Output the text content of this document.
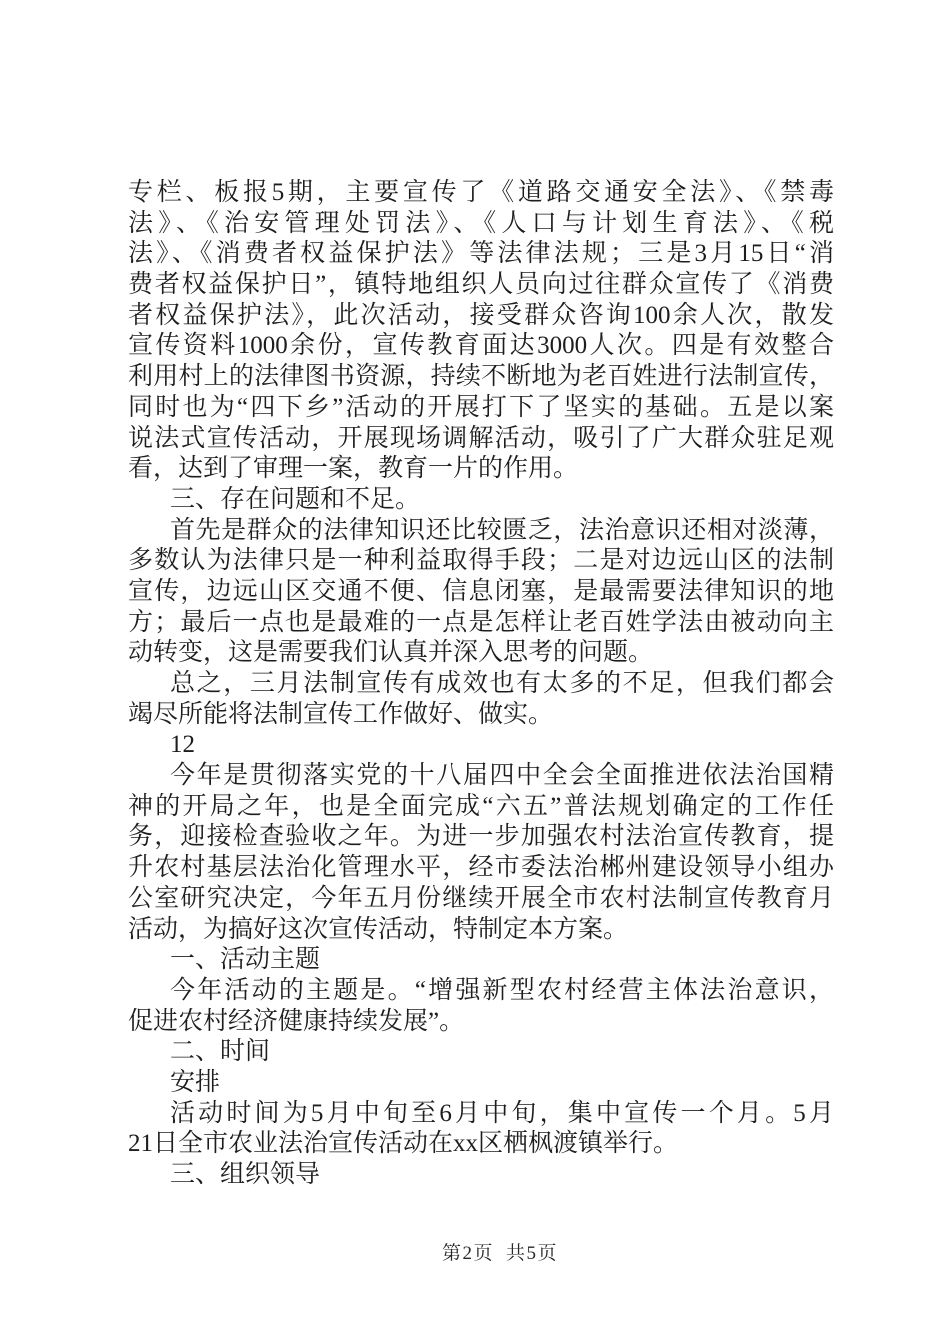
专栏、板报5期，主要宣传了《道路交通安全法》、《禁毒
法》、《治安管理处罚法》、《人口与计划生育法》、《税
法》、《消费者权益保护法》等法律法规；三是3月15日“消
费者权益保护日”，镇特地组织人员向过往群众宣传了《消费
者权益保护法》，此次活动，接受群众咨询100余人次，散发
宣传资料1000余份，宣传教育面达3000人次。四是有效整合
利用村上的法律图书资源，持续不断地为老百姓进行法制宣传，
同时也为“四下乡”活动的开展打下了坚实的基础。五是以案
说法式宣传活动，开展现场调解活动，吸引了广大群众驻足观
看，达到了审理一案，教育一片的作用。
三、存在问题和不足。
首先是群众的法律知识还比较匮乏，法治意识还相对淡薄，
多数认为法律只是一种利益取得手段；二是对边远山区的法制
宣传，边远山区交通不便、信息闭塞，是最需要法律知识的地
方；最后一点也是最难的一点是怎样让老百姓学法由被动向主
动转变，这是需要我们认真并深入思考的问题。
总之，三月法制宣传有成效也有太多的不足，但我们都会
竭尽所能将法制宣传工作做好、做实。
12
今年是贯彻落实党的十八届四中全会全面推进依法治国精
神的开局之年，也是全面完成“六五”普法规划确定的工作任
务，迎接检查验收之年。为进一步加强农村法治宣传教育，提
升农村基层法治化管理水平，经市委法治郴州建设领导小组办
公室研究决定，今年五月份继续开展全市农村法制宣传教育月
活动，为搞好这次宣传活动，特制定本方案。
一、活动主题
今年活动的主题是。“增强新型农村经营主体法治意识，
促进农村经济健康持续发展”。
二、时间
安排
活动时间为5月中旬至6月中旬，集中宣传一个月。5月
21日全市农业法治宣传活动在xx区栖枫渡镇举行。
三、组织领导
第2页 共5页
